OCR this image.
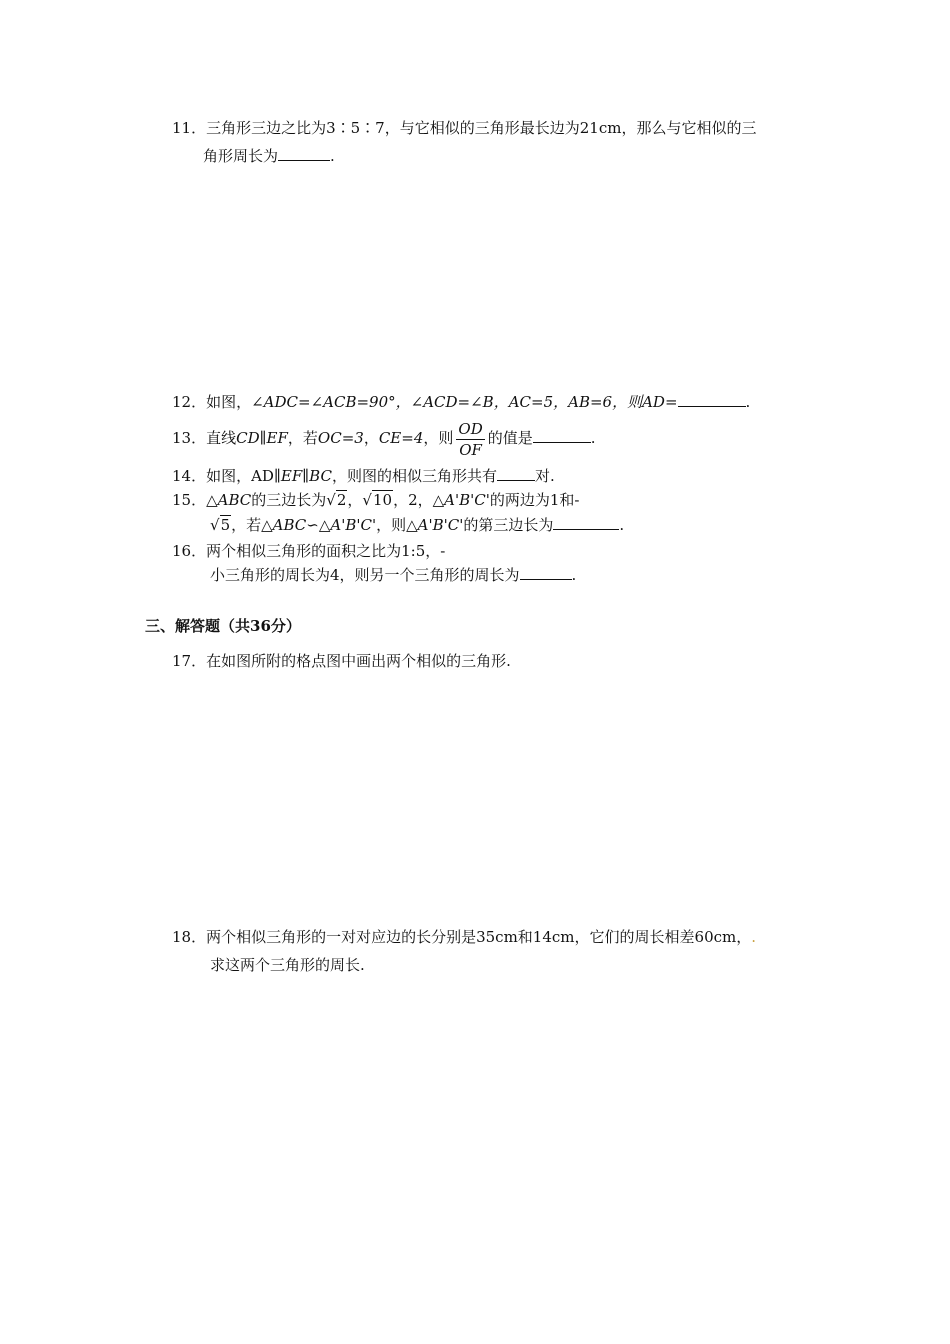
11．三角形三边之比为3∶5∶7，与它相似的三角形最长边为21cm，那么与它相似的三
角形周长为	.
12．如图，∠ADC=∠ACB=90°，∠ACD=∠B，AC=5，AB=6，则AD=	.
13．直线CD∥EF，若OC=3，CE=4，则 $\frac{OD}{OF}$ 的值是	.
14．如图，AD∥EF∥BC，则图的相似三角形共有	对.
15．△ABC的三边长为√2，√10，2，△A'B'C'的两边为1和-
√5，若△ABC∽△A'B'C'，则△A'B'C'的第三边长为	.
16．两个相似三角形的面积之比为1:5，-
小三角形的周长为4，则另一个三角形的周长为	.
三、解答题（共36分）
17．在如图所附的格点图中画出两个相似的三角形.
18．两个相似三角形的一对对应边的长分别是35cm和14cm，它们的周长相差60cm，.
求这两个三角形的周长.
